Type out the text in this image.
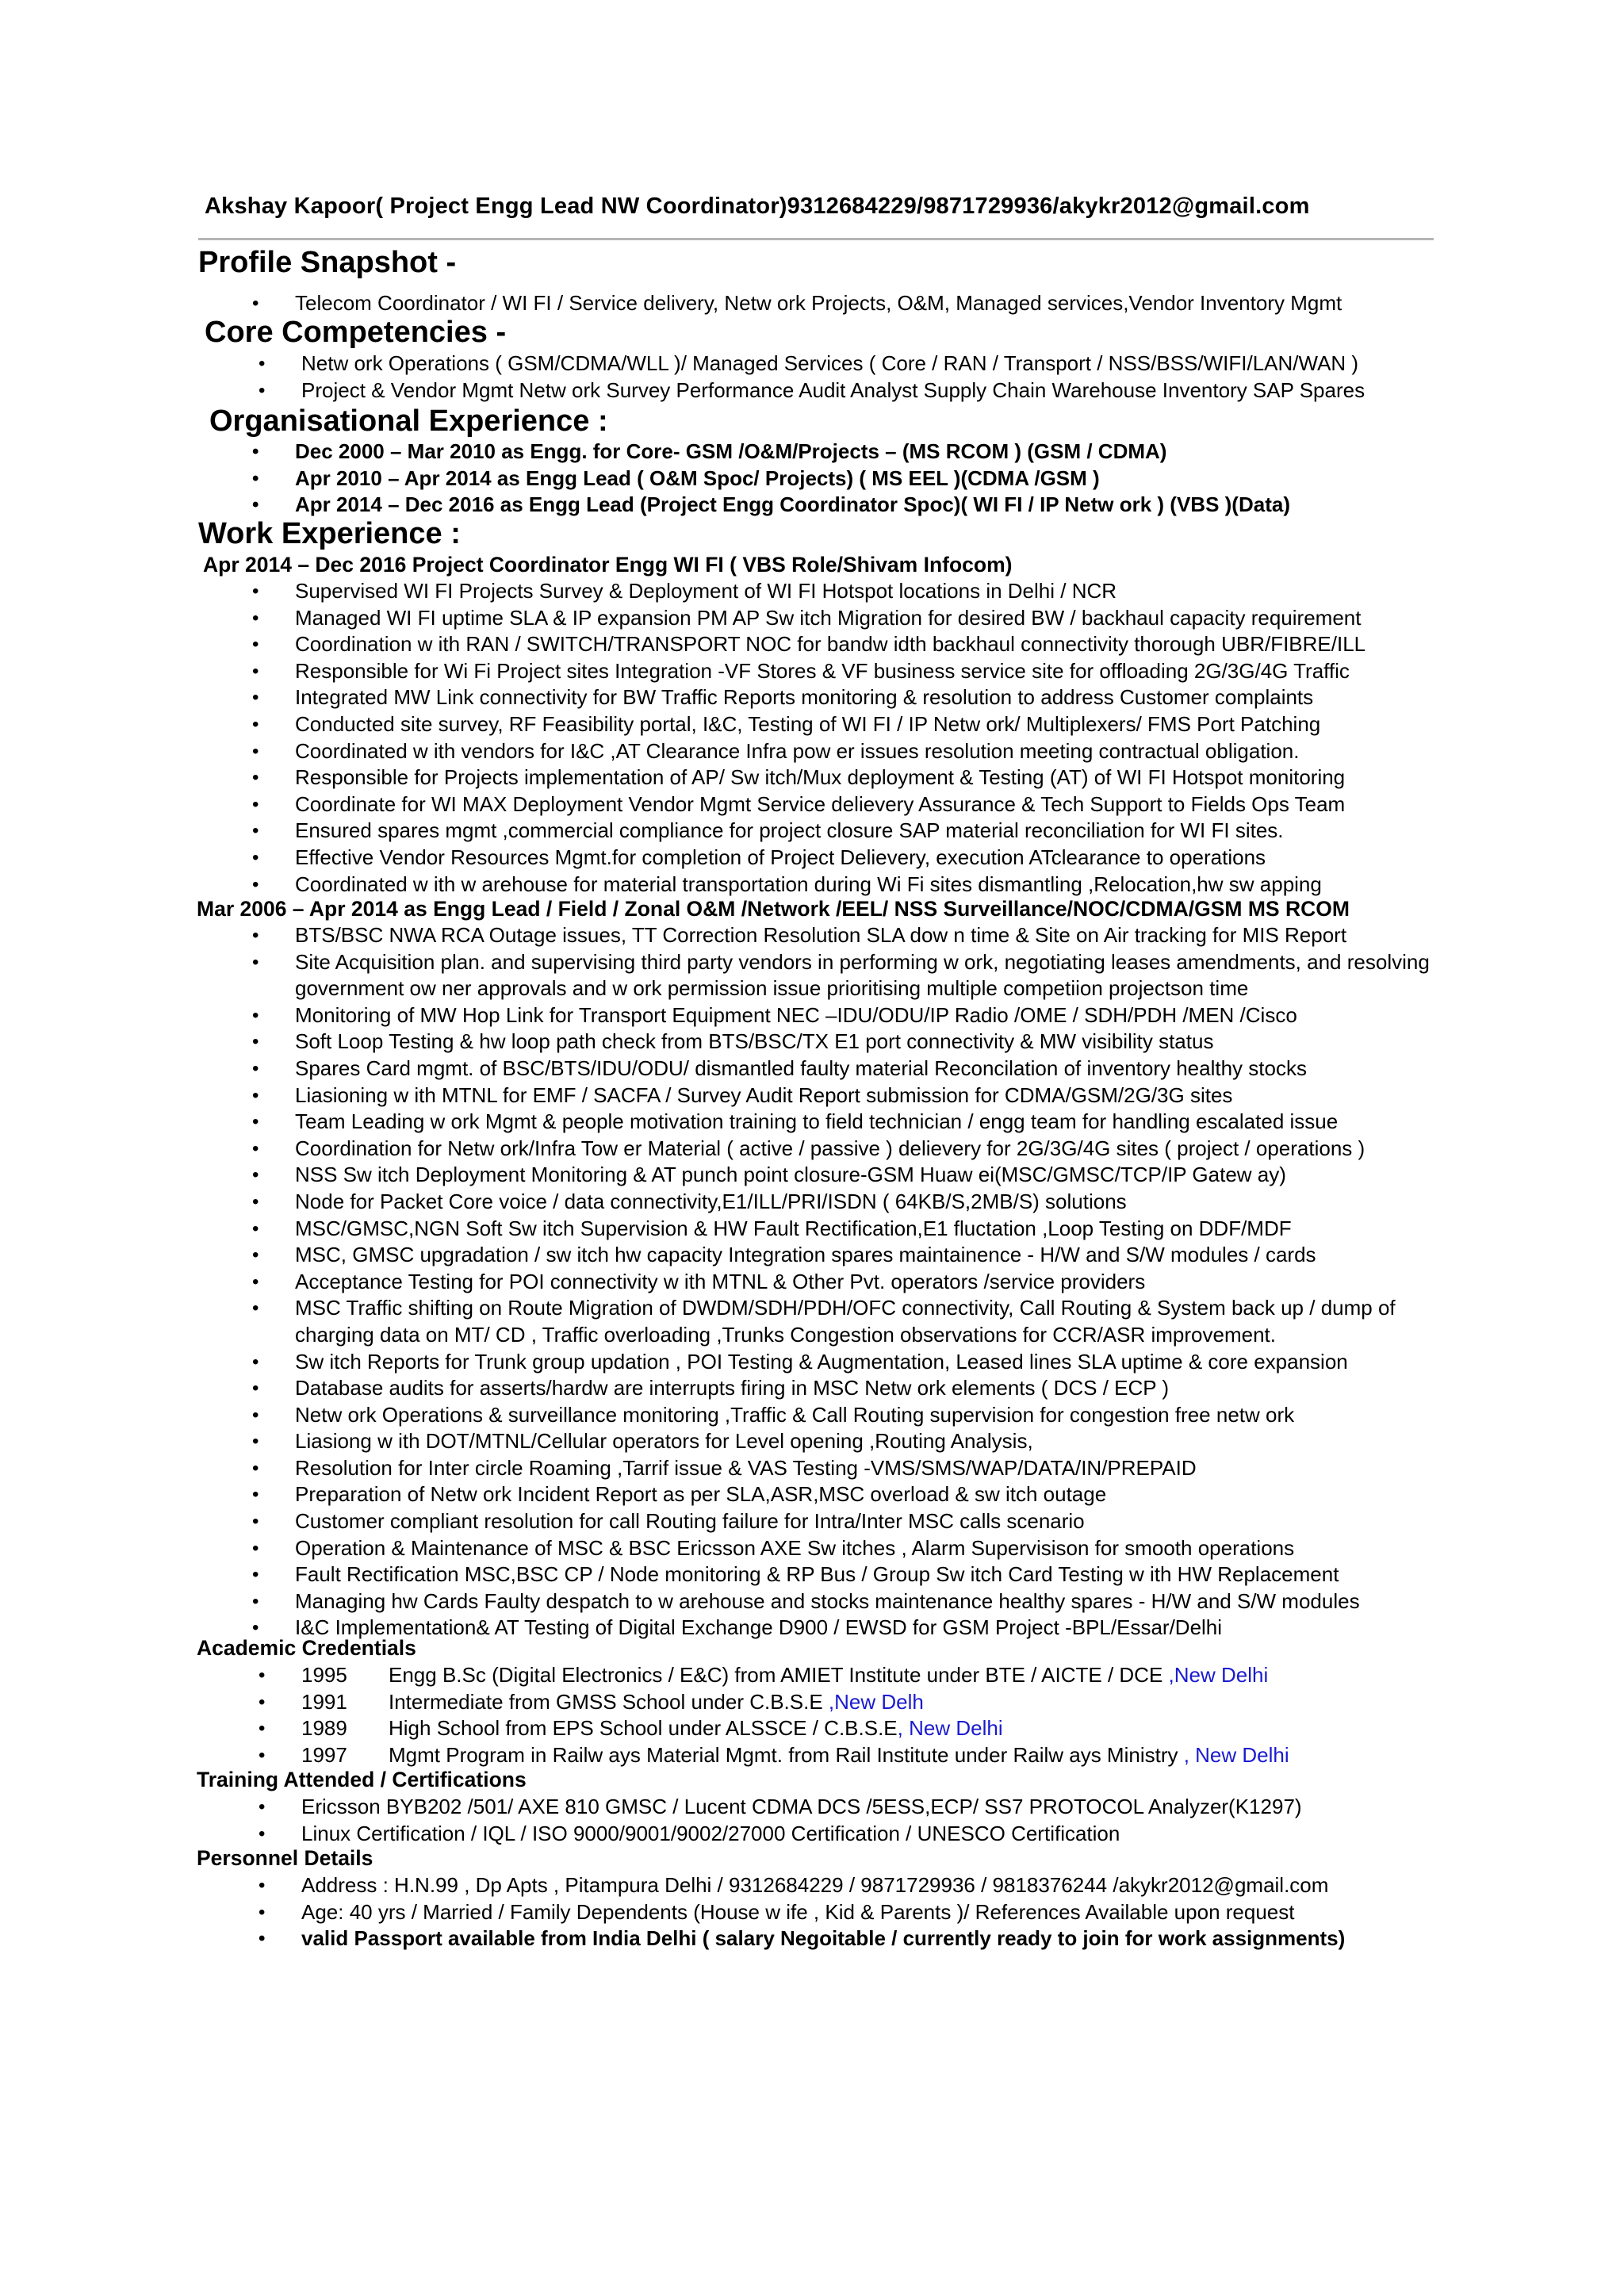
Akshay Kapoor( Project Engg Lead NW Coordinator)9312684229/9871729936/akykr2012@gmail.com
Profile Snapshot -
• Telecom Coordinator / WI FI / Service delivery, Netw ork Projects, O&M, Managed services,Vendor Inventory Mgmt
Core Competencies -
• Netw ork Operations ( GSM/CDMA/WLL )/ Managed Services ( Core / RAN / Transport / NSS/BSS/WIFI/LAN/WAN )
• Project & Vendor Mgmt Netw ork Survey Performance Audit Analyst Supply Chain Warehouse Inventory SAP Spares
Organisational Experience :
• Dec 2000 – Mar 2010 as Engg. for Core- GSM /O&M/Projects – (MS RCOM ) (GSM / CDMA)
• Apr 2010 – Apr 2014 as Engg Lead ( O&M Spoc/ Projects) ( MS EEL )(CDMA /GSM )
• Apr 2014 – Dec 2016 as Engg Lead (Project Engg Coordinator Spoc)( WI FI / IP Netw ork ) (VBS )(Data)
Work Experience :
Apr 2014 – Dec 2016 Project Coordinator Engg WI FI ( VBS Role/Shivam Infocom)
• Supervised WI FI Projects Survey & Deployment of WI FI Hotspot locations in Delhi / NCR
• Managed WI FI uptime SLA & IP expansion PM AP Sw itch Migration for desired BW / backhaul capacity requirement
• Coordination w ith RAN / SWITCH/TRANSPORT NOC for bandw idth backhaul connectivity thorough UBR/FIBRE/ILL
• Responsible for Wi Fi Project sites Integration -VF Stores & VF business service site for offloading 2G/3G/4G Traffic
• Integrated MW Link connectivity for BW Traffic Reports monitoring & resolution to address Customer complaints
• Conducted site survey, RF Feasibility portal, I&C, Testing of WI FI / IP Netw ork/ Multiplexers/ FMS Port Patching
• Coordinated w ith vendors for I&C ,AT Clearance Infra pow er issues resolution meeting contractual obligation.
• Responsible for Projects implementation of AP/ Sw itch/Mux deployment & Testing (AT) of WI FI Hotspot monitoring
• Coordinate for WI MAX Deployment Vendor Mgmt Service delievery Assurance & Tech Support to Fields Ops Team
• Ensured spares mgmt ,commercial compliance for project closure SAP material reconciliation for WI FI sites.
• Effective Vendor Resources Mgmt.for completion of Project Delievery, execution ATclearance to operations
• Coordinated w ith w arehouse for material transportation during Wi Fi sites dismantling ,Relocation,hw sw apping
Mar 2006 – Apr 2014 as Engg Lead / Field / Zonal O&M /Network /EEL/ NSS Surveillance/NOC/CDMA/GSM MS RCOM
• BTS/BSC NWA RCA Outage issues, TT Correction Resolution SLA dow n time & Site on Air tracking for MIS Report
• Site Acquisition plan. and supervising third party vendors in performing w ork, negotiating leases amendments, and resolving government ow ner approvals and w ork permission issue prioritising multiple competiion projectson time
• Monitoring of MW Hop Link for Transport Equipment NEC –IDU/ODU/IP Radio /OME / SDH/PDH /MEN /Cisco
• Soft Loop Testing & hw loop path check from BTS/BSC/TX E1 port connectivity & MW visibility status
• Spares Card mgmt. of BSC/BTS/IDU/ODU/ dismantled faulty material Reconcilation of inventory healthy stocks
• Liasioning w ith MTNL for EMF / SACFA / Survey Audit Report submission for CDMA/GSM/2G/3G sites
• Team Leading w ork Mgmt & people motivation training to field technician / engg team for handling escalated issue
• Coordination for Netw ork/Infra Tow er Material ( active / passive ) delievery for 2G/3G/4G sites ( project / operations )
• NSS Sw itch Deployment Monitoring & AT punch point closure-GSM Huaw ei(MSC/GMSC/TCP/IP Gatew ay)
• Node for Packet Core voice / data connectivity,E1/ILL/PRI/ISDN ( 64KB/S,2MB/S) solutions
• MSC/GMSC,NGN Soft Sw itch Supervision & HW Fault Rectification,E1 fluctation ,Loop Testing on DDF/MDF
• MSC, GMSC upgradation / sw itch hw capacity Integration spares maintainence - H/W and S/W modules / cards
• Acceptance Testing for POI connectivity w ith MTNL & Other Pvt. operators /service providers
• MSC Traffic shifting on Route Migration of DWDM/SDH/PDH/OFC connectivity, Call Routing & System back up / dump of charging data on MT/ CD , Traffic overloading ,Trunks Congestion observations for CCR/ASR improvement.
• Sw itch Reports for Trunk group updation , POI Testing & Augmentation, Leased lines SLA uptime & core expansion
• Database audits for asserts/hardw are interrupts firing in MSC Netw ork elements ( DCS / ECP )
• Netw ork Operations & surveillance monitoring ,Traffic & Call Routing supervision for congestion free netw ork
• Liasiong w ith DOT/MTNL/Cellular operators for Level opening ,Routing Analysis,
• Resolution for Inter circle Roaming ,Tarrif issue & VAS Testing -VMS/SMS/WAP/DATA/IN/PREPAID
• Preparation of Netw ork Incident Report as per SLA,ASR,MSC overload & sw itch outage
• Customer compliant resolution for call Routing failure for Intra/Inter MSC calls scenario
• Operation & Maintenance of MSC & BSC Ericsson AXE Sw itches , Alarm Supervisison for smooth operations
• Fault Rectification MSC,BSC CP / Node monitoring & RP Bus / Group Sw itch Card Testing w ith HW Replacement
• Managing hw Cards Faulty despatch to w arehouse and stocks maintenance healthy spares - H/W and S/W modules
• I&C Implementation& AT Testing of Digital Exchange D900 / EWSD for GSM Project -BPL/Essar/Delhi
Academic Credentials
• 1995 Engg B.Sc (Digital Electronics / E&C) from AMIET Institute under BTE / AICTE / DCE ,New Delhi
• 1991 Intermediate from GMSS School under C.B.S.E ,New Delh
• 1989 High School from EPS School under ALSSCE / C.B.S.E, New Delhi
• 1997 Mgmt Program in Railw ays Material Mgmt. from Rail Institute under Railw ays Ministry , New Delhi
Training Attended / Certifications
• Ericsson BYB202 /501/ AXE 810 GMSC / Lucent CDMA DCS /5ESS,ECP/ SS7 PROTOCOL Analyzer(K1297)
• Linux Certification / IQL / ISO 9000/9001/9002/27000 Certification / UNESCO Certification
Personnel Details
• Address : H.N.99 , Dp Apts , Pitampura Delhi / 9312684229 / 9871729936 / 9818376244 /akykr2012@gmail.com
• Age: 40 yrs / Married / Family Dependents (House w ife , Kid & Parents )/ References Available upon request
• valid Passport available from India Delhi ( salary Negoitable / currently ready to join for work assignments)
